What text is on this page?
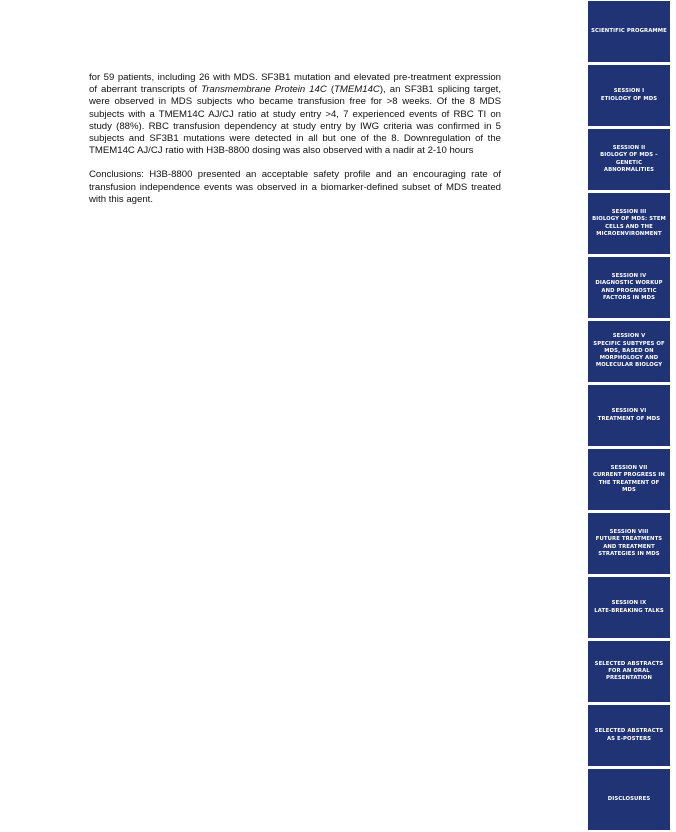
for 59 patients, including 26 with MDS. SF3B1 mutation and elevated pre-treatment expression of aberrant transcripts of Transmembrane Protein 14C (TMEM14C), an SF3B1 splicing target, were observed in MDS subjects who became transfusion free for >8 weeks. Of the 8 MDS subjects with a TMEM14C AJ/CJ ratio at study entry >4, 7 experienced events of RBC TI on study (88%). RBC transfusion dependency at study entry by IWG criteria was confirmed in 5 subjects and SF3B1 mutations were detected in all but one of the 8. Downregulation of the TMEM14C AJ/CJ ratio with H3B-8800 dosing was also observed with a nadir at 2-10 hours

Conclusions: H3B-8800 presented an acceptable safety profile and an encouraging rate of transfusion independence events was observed in a biomarker-defined subset of MDS treated with this agent.

SCIENTIFIC PROGRAMME
SESSION I
ETIOLOGY OF MDS
SESSION II
BIOLOGY OF MDS – GENETIC ABNORMALITIES
SESSION III
BIOLOGY OF MDS: STEM CELLS AND THE MICROENVIRONMENT
SESSION IV
DIAGNOSTIC WORKUP AND PROGNOSTIC FACTORS IN MDS
SESSION V
SPECIFIC SUBTYPES OF MDS, BASED ON MORPHOLOGY AND MOLECULAR BIOLOGY
SESSION VI
TREATMENT OF MDS
SESSION VII
CURRENT PROGRESS IN THE TREATMENT OF MDS
SESSION VIII
FUTURE TREATMENTS AND TREATMENT STRATEGIES IN MDS
SESSION IX
LATE-BREAKING TALKS
SELECTED ABSTRACTS FOR AN ORAL PRESENTATION
SELECTED ABSTRACTS AS E-POSTERS
DISCLOSURES
